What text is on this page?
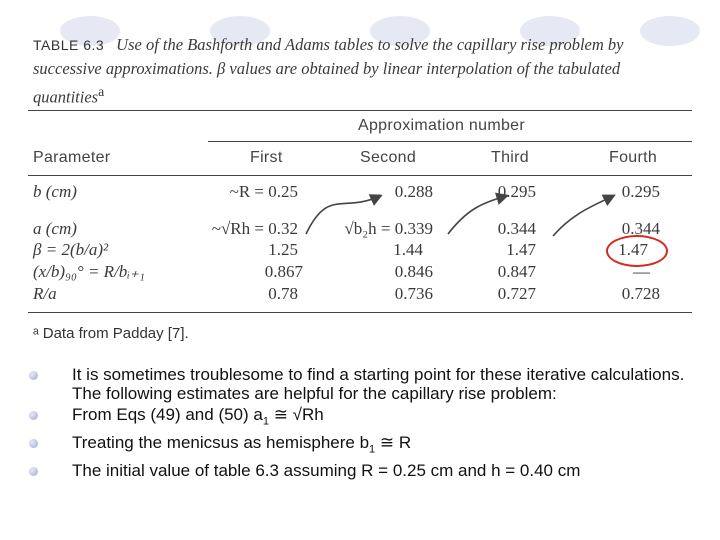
TABLE 6.3 Use of the Bashforth and Adams tables to solve the capillary rise problem by successive approximations. β values are obtained by linear interpolation of the tabulated quantities$^a$
Approximation number
Parameter	First	Second	Third	Fourth
b (cm)	~R = 0.25	0.288	0.295	0.295
a (cm)	~√Rh = 0.32	√b₂h = 0.339	0.344	0.344
β = 2(b/a)²	1.25	1.44	1.47	1.47
(x/b)₉₀° = R/bᵢ₊₁	0.867	0.846	0.847	—
R/a	0.78	0.736	0.727	0.728
ᵃ Data from Padday [7].
It is sometimes troublesome to find a starting point for these iterative calculations. The following estimates are helpful for the capillary rise problem:
From Eqs (49) and (50) $a_1$ ≅ √Rh
Treating the menicsus as hemisphere $b_1$ ≅ R
The initial value of table 6.3 assuming R = 0.25 cm and h = 0.40 cm
